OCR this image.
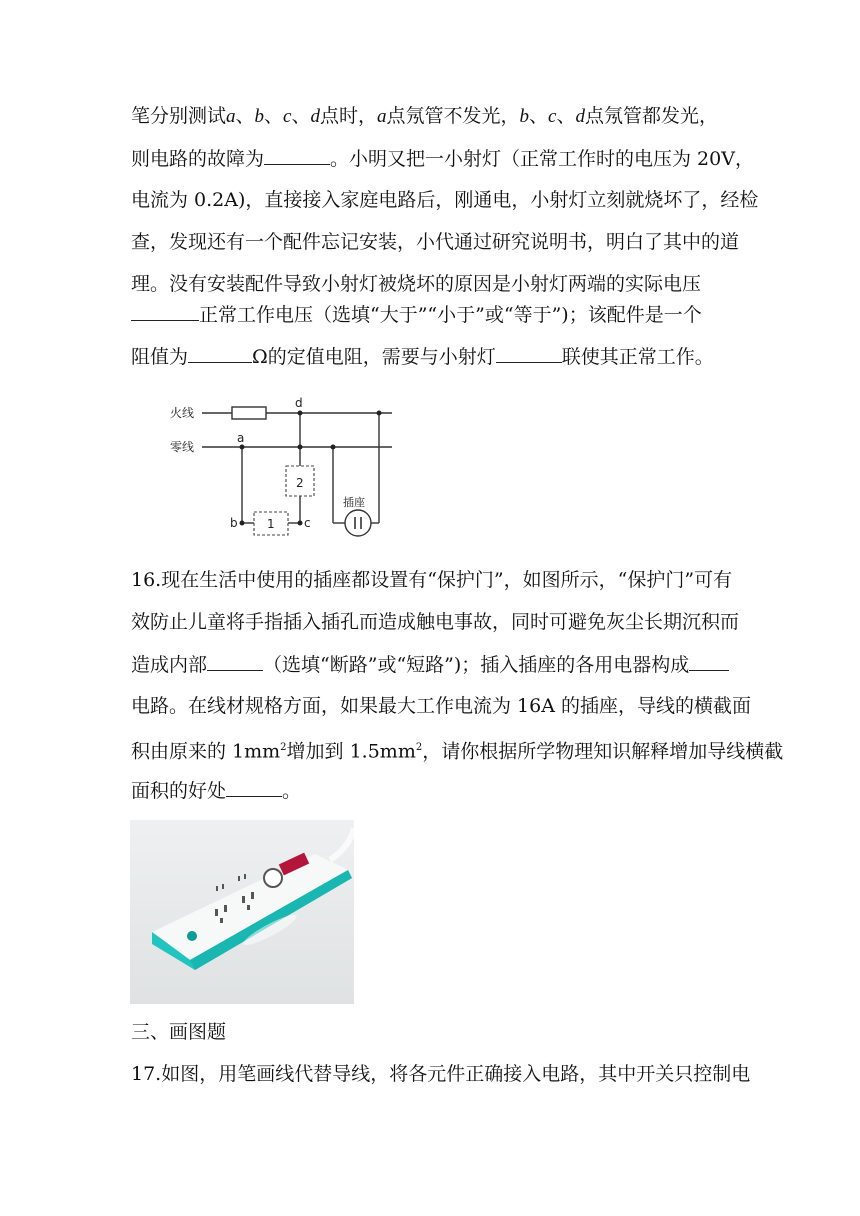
笔分别测试a、b、c、d点时，a点氖管不发光，b、c、d点氖管都发光，
则电路的故障为	。小明又把一小射灯（正常工作时的电压为 20V，
电流为 0.2A)，直接接入家庭电路后，刚通电，小射灯立刻就烧坏了，经检
查，发现还有一个配件忘记安装，小代通过研究说明书，明白了其中的道
理。没有安装配件导致小射灯被烧坏的原因是小射灯两端的实际电压
正常工作电压（选填“大于”“小于”或“等于”)；该配件是一个
阻值为	Ω的定值电阻，需要与小射灯	联使其正常工作。
火线
零线
a
b	c
d
1
2
插座
16.现在生活中使用的插座都设置有“保护门”，如图所示，“保护门”可有
效防止儿童将手指插入插孔而造成触电事故，同时可避免灰尘长期沉积而
造成内部	（选填“断路”或“短路”)；插入插座的各用电器构成
电路。在线材规格方面，如果最大工作电流为 16A 的插座，导线的横截面
积由原来的 $1mm^2$增加到 $1.5mm^2$，请你根据所学物理知识解释增加导线横截
面积的好处	。
三、画图题
17.如图，用笔画线代替导线，将各元件正确接入电路，其中开关只控制电
